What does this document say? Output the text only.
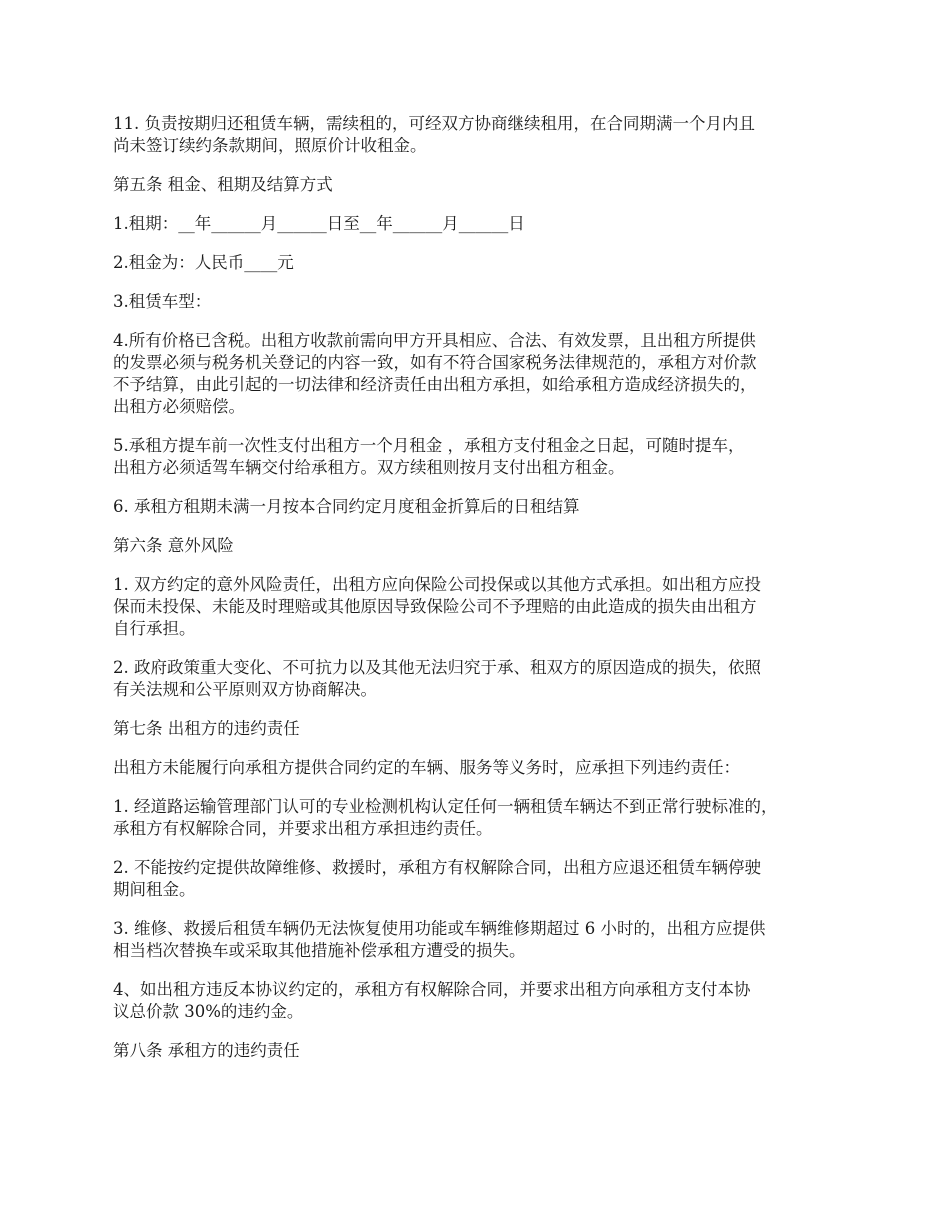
11. 负责按期归还租赁车辆，需续租的，可经双方协商继续租用，在合同期满一个月内且
尚未签订续约条款期间，照原价计收租金。

第五条 租金、租期及结算方式

1.租期：__年______月______日至__年______月______日

2.租金为：人民币____元

3.租赁车型：

4.所有价格已含税。出租方收款前需向甲方开具相应、合法、有效发票，且出租方所提供
的发票必须与税务机关登记的内容一致，如有不符合国家税务法律规范的，承租方对价款
不予结算，由此引起的一切法律和经济责任由出租方承担，如给承租方造成经济损失的，
出租方必须赔偿。

5.承租方提车前一次性支付出租方一个月租金 ，承租方支付租金之日起，可随时提车，
出租方必须适驾车辆交付给承租方。双方续租则按月支付出租方租金。

6. 承租方租期未满一月按本合同约定月度租金折算后的日租结算

第六条 意外风险

1. 双方约定的意外风险责任，出租方应向保险公司投保或以其他方式承担。如出租方应投
保而未投保、未能及时理赔或其他原因导致保险公司不予理赔的由此造成的损失由出租方
自行承担。

2. 政府政策重大变化、不可抗力以及其他无法归究于承、租双方的原因造成的损失，依照
有关法规和公平原则双方协商解决。

第七条 出租方的违约责任

出租方未能履行向承租方提供合同约定的车辆、服务等义务时，应承担下列违约责任：

1. 经道路运输管理部门认可的专业检测机构认定任何一辆租赁车辆达不到正常行驶标准的，
承租方有权解除合同，并要求出租方承担违约责任。

2. 不能按约定提供故障维修、救援时，承租方有权解除合同，出租方应退还租赁车辆停驶
期间租金。

3. 维修、救援后租赁车辆仍无法恢复使用功能或车辆维修期超过 6 小时的，出租方应提供
相当档次替换车或采取其他措施补偿承租方遭受的损失。

4、如出租方违反本协议约定的，承租方有权解除合同，并要求出租方向承租方支付本协
议总价款 30%的违约金。

第八条 承租方的违约责任
